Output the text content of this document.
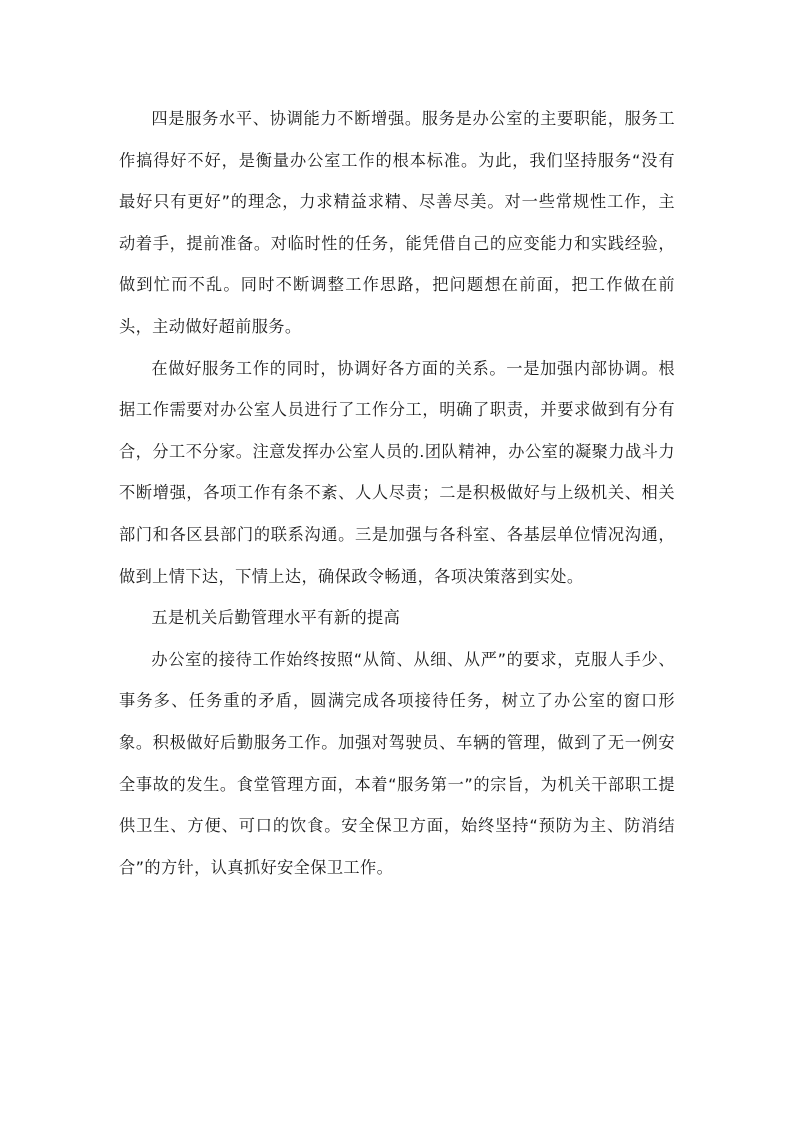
四是服务水平、协调能力不断增强。服务是办公室的主要职能，服务工作搞得好不好，是衡量办公室工作的根本标准。为此，我们坚持服务“没有最好只有更好”的理念，力求精益求精、尽善尽美。对一些常规性工作，主动着手，提前准备。对临时性的任务，能凭借自己的应变能力和实践经验，做到忙而不乱。同时不断调整工作思路，把问题想在前面，把工作做在前头，主动做好超前服务。

在做好服务工作的同时，协调好各方面的关系。一是加强内部协调。根据工作需要对办公室人员进行了工作分工，明确了职责，并要求做到有分有合，分工不分家。注意发挥办公室人员的.团队精神，办公室的凝聚力战斗力不断增强，各项工作有条不紊、人人尽责；二是积极做好与上级机关、相关部门和各区县部门的联系沟通。三是加强与各科室、各基层单位情况沟通，做到上情下达，下情上达，确保政令畅通，各项决策落到实处。

五是机关后勤管理水平有新的提高

办公室的接待工作始终按照“从简、从细、从严”的要求，克服人手少、事务多、任务重的矛盾，圆满完成各项接待任务，树立了办公室的窗口形象。积极做好后勤服务工作。加强对驾驶员、车辆的管理，做到了无一例安全事故的发生。食堂管理方面，本着“服务第一”的宗旨，为机关干部职工提供卫生、方便、可口的饮食。安全保卫方面，始终坚持“预防为主、防消结合”的方针，认真抓好安全保卫工作。
